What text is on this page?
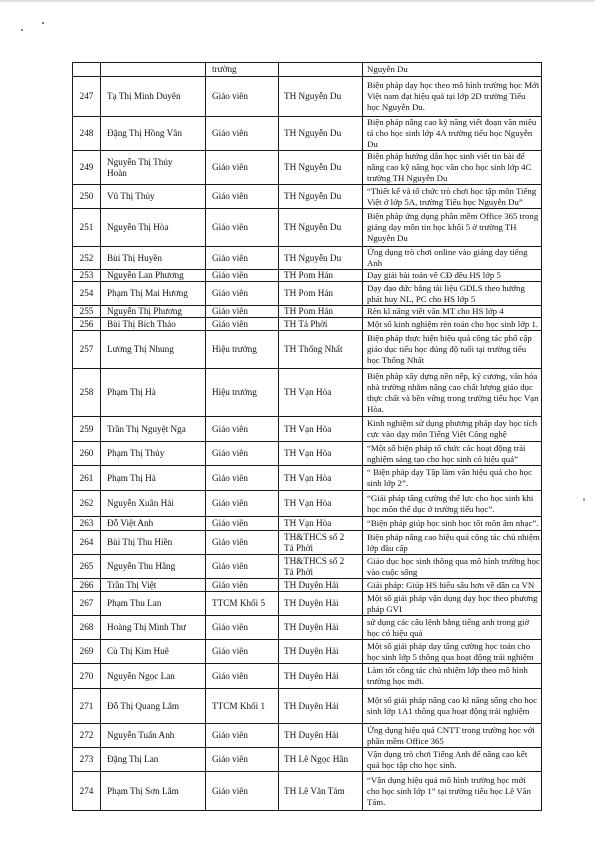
		trường		Nguyễn Du
247	Tạ Thị Minh Duyên	Giáo viên	TH Nguyễn Du	Biện pháp dạy học theo mô hình trường học Mới Việt nam đạt hiệu quả tại lớp 2D trường Tiểu học Nguyễn Du.
248	Đặng Thị Hồng Vân	Giáo viên	TH Nguyễn Du	Biện pháp nâng cao kỹ năng viết đoạn văn miêu tả cho học sinh lớp 4A trường tiểu học Nguyễn Du
249	Nguyễn Thị Thúy Hoàn	Giáo viên	TH Nguyễn Du	Biện pháp hướng dẫn học sinh viết tin bài để nâng cao kỹ năng học văn cho học sinh lớp 4C trường TH Nguyễn Du
250	Vũ Thị Thủy	Giáo viên	TH Nguyễn Du	“Thiết kế và tổ chức trò chơi học tập môn Tiếng Việt ở lớp 5A, trường Tiểu học Nguyễn Du”
251	Nguyễn Thị Hòa	Giáo viên	TH Nguyễn Du	Biện pháp ứng dụng phần mềm Office 365 trong giảng dạy môn tin học khối 5 ở trường TH Nguyễn Du
252	Bùi Thị Huyền	Giáo viên	TH Nguyễn Du	Ứng dụng trò chơi online vào giảng dạy tiếng Anh
253	Nguyễn Lan Phương	Giáo viên	TH Pom Hán	Dạy giải bài toán về CĐ đều HS lớp 5
254	Phạm Thị Mai Hương	Giáo viên	TH Pom Hán	Dạy đạo đức bằng tài liệu GDLS theo hướng phát huy NL, PC cho HS lớp 5
255	Nguyễn Thị Phương	Giáo viên	TH Pom Hán	Rèn kĩ năng viết văn MT cho HS lớp 4
256	Bùi Thị Bích Thảo	Giáo viên	TH Tả Phời	Một số kinh nghiệm rèn toán cho học sinh lớp 1.
257	Lương Thị Nhung	Hiệu trưởng	TH Thống Nhất	Biện pháp thực hiện hiệu quả công tác phổ cập giáo dục tiểu học đúng độ tuổi tại trường tiểu học Thống Nhất
258	Phạm Thị Hà	Hiệu trưởng	TH Vạn Hòa	Biện pháp xây dựng nền nếp, kỷ cương, văn hóa nhà trường nhằm nâng cao chất lượng giáo dục thực chất và bền vững trong trường tiểu học Vạn Hòa.
259	Trần Thị Nguyệt Nga	Giáo viên	TH Vạn Hòa	Kinh nghiệm sử dụng phương pháp dạy học tích cực vào dạy môn Tiếng Việt Công nghệ
260	Phạm Thị Thủy	Giáo viên	TH Vạn Hòa	“Một số biện pháp tổ chức các hoạt động trải nghiệm sáng tạo cho học sinh có hiệu quả”
261	Phạm Thị Hà	Giáo viên	TH Vạn Hòa	“ Biện pháp dạy Tập làm văn hiệu quả cho học sinh lớp 2”.
262	Nguyễn Xuân Hải	Giáo viên	TH Vạn Hòa	“Giải pháp tăng cường thể lực cho học sinh khi học môn thể dục ở trường tiểu học”.
263	Đỗ Việt Anh	Giáo viên	TH Vạn Hòa	“Biện pháp giúp học sinh học tốt môn âm nhạc”.
264	Bùi Thị Thu Hiền	Giáo viên	TH&THCS số 2 Tả Phời	Biện pháp nâng cao hiệu quả công tác chủ nhiệm lớp đầu cấp
265	Nguyễn Thu Hằng	Giáo viên	TH&THCS số 2 Tả Phời	Giáo dục học sinh thông qua mô hình trường học vào cuộc sống
266	Trần Thị Việt	Giáo viên	TH Duyên Hải	Giải pháp: Giúp HS hiểu sâu hơn về dân ca VN
267	Phạm Thu Lan	TTCM Khối 5	TH Duyên Hải	Một số giải pháp vận dụng dạy học theo phương pháp GVI
268	Hoàng Thị Minh Thư	Giáo viên	TH Duyên Hải	sử dụng các câu lệnh bằng tiếng anh trong giờ học có hiệu quả
269	Cù Thị Kim Huê	Giáo viên	TH Duyên Hải	Một số giải pháp dạy tăng cường học toán cho học sinh lớp 5 thông qua hoạt động trải nghiệm
270	Nguyễn Ngọc Lan	Giáo viên	TH Duyên Hải	Làm tốt công tác chủ nhiệm lớp theo mô hình trường học mới.
271	Đỗ Thị Quang Lâm	TTCM Khối 1	TH Duyên Hải	Một số giải pháp nâng cao kĩ năng sống cho học sinh lớp 1A1 thông qua hoạt động trải nghiệm
272	Nguyễn Tuấn Anh	Giáo viên	TH Duyên Hải	Ứng dụng hiệu quả CNTT trong trường học với phần mềm Office 365
273	Đặng Thị Lan	Giáo viên	TH Lê Ngọc Hân	Vận dụng trò chơi Tiếng Anh để nâng cao kết quả học tập cho học sinh.
274	Phạm Thị Sơn Lâm	Giáo viên	TH Lê Văn Tám	“Vận dụng hiệu quả mô hình trường học mới cho học sinh lớp 1” tại trường tiểu học Lê Văn Tám.
